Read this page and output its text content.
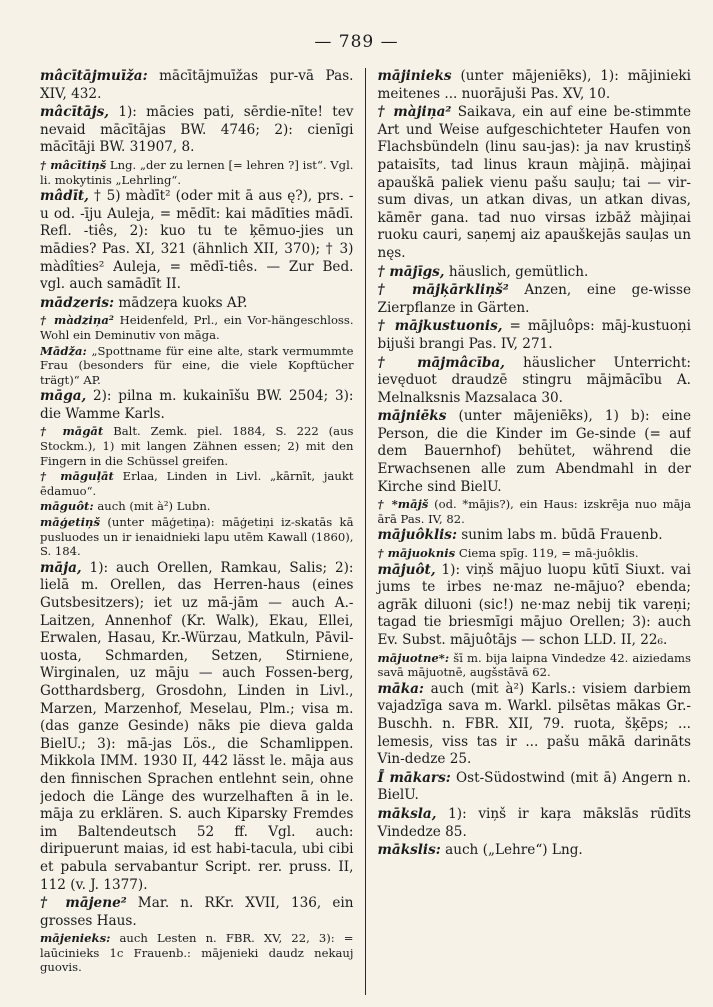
— 789 —

mâcītājmuīža: mācītājmuīžas pur-vā Pas. XIV, 432.

mâcītājs, 1): mācies pati, sērdie-nīte! tev nevaid mācītājas BW. 4746; 2): cienīgi mācītāji BW. 31907, 8.

† mâcītiņš Lng. „der zu lernen [= lehren ?] ist“. Vgl. li. mokytinis „Lehrling“.

mâdīt, † 5) màdīt² (oder mit ā aus ę?), prs. -u od. -īju Auleja, = mēdīt: kai mādīties mādī. Refl. -tiês, 2): kuo tu te ķēmuo-jies un mādies? Pas. XI, 321 (ähnlich XII, 370); † 3) màdîties² Auleja, = mēdī-tiês. — Zur Bed. vgl. auch samādīt II.

mādzeris: mādzeŗa kuoks AP.

† màdziņa² Heidenfeld, Prl., ein Vor-hängeschloss. Wohl ein Deminutiv von māga.

Mādža: „Spottname für eine alte, stark vermummte Frau (besonders für eine, die viele Kopftücher trägt)“ AP.

māga, 2): pilna m. kukainīšu BW. 2504; 3): die Wamme Karls.

† māgāt Balt. Zemk. piel. 1884, S. 222 (aus Stockm.), 1) mit langen Zähnen essen; 2) mit den Fingern in die Schüssel greifen.

† māguļāt Erlaa, Linden in Livl. „kārnīt, jaukt ēdamuo“.

māguôt: auch (mit à²) Lubn.

māģetiņš (unter māģetiņa): māģetiņi iz-skatās kā pusluodes un ir ienaidnieki lapu utēm Kawall (1860), S. 184.

māja, 1): auch Orellen, Ramkau, Salis; 2): lielā m. Orellen, das Herren-haus (eines Gutsbesitzers); iet uz mā-jām — auch A.-Laitzen, Annenhof (Kr. Walk), Ekau, Ellei, Erwalen, Hasau, Kr.-Würzau, Matkuln, Pāvil-uosta, Schmarden, Setzen, Stirniene, Wirginalen, uz māju — auch Fossen-berg, Gotthardsberg, Grosdohn, Linden in Livl., Marzen, Marzenhof, Meselau, Plm.; visa m. (das ganze Gesinde) nāks pie dieva galda BielU.; 3): mā-jas Lös., die Schamlippen. Mikkola IMM. 1930 II, 442 lässt le. māja aus den finnischen Sprachen entlehnt sein, ohne jedoch die Länge des wurzelhaften ā in le. māja zu erklären. S. auch Kiparsky Fremdes im Baltendeutsch 52 ff. Vgl. auch: diripuerunt maias, id est habi-tacula, ubi cibi et pabula servabantur Script. rer. pruss. II, 112 (v. J. 1377).

† mājene² Mar. n. RKr. XVII, 136, ein grosses Haus.

mājenieks: auch Lesten n. FBR. XV, 22, 3): = laūcinieks 1c Frauenb.: mājenieki daudz nekauj guovis.

mājinieks (unter mājeniēks), 1): mājinieki meitenes ... nuorājuši Pas. XV, 10.

† màjiņa² Saikava, ein auf eine be-stimmte Art und Weise aufgeschichteter Haufen von Flachsbündeln (linu sau-jas): ja nav krustiņš pataisīts, tad linus kraun màjiņā. màjiņai apauškā paliek vienu pašu sauļu; tai — vir-sum divas, un atkan divas, un atkan divas, kāmēr gana. tad nuo virsas izbāž màjiņai ruoku cauri, saņemj aiz apauškejās sauļas un nęs.

† mājīgs, häuslich, gemütlich.

† mājķārkliņš² Anzen, eine ge-wisse Zierpflanze in Gärten.

† mājkustuonis, = mājluôps: māj-kustuoņi bijuši brangi Pas. IV, 271.

† mājmâcība, häuslicher Unterricht: ievęduot draudzē stingru mājmācību A. Melnalksnis Mazsalaca 30.

mājniēks (unter mājeniēks), 1) b): eine Person, die die Kinder im Ge-sinde (= auf dem Bauernhof) behütet, während die Erwachsenen alle zum Abendmahl in der Kirche sind BielU.

† *mājš (od. *mājis?), ein Haus: izskrēja nuo māja ārā Pas. IV, 82.

mājuôklis: sunim labs m. būdā Frauenb.

† mājuoknis Ciema spīg. 119, = mā-juôklis.

mājuôt, 1): viņš mājuo luopu kūtī Siuxt. vai jums te irbes ne·maz ne-mājuo? ebenda; agrāk diluoni (sic!) ne·maz nebij tik vareņi; tagad tie briesmīgi mājuo Orellen; 3): auch Ev. Subst. mājuôtājs — schon LLD. II, 22₆.

mājuotne*: šī m. bija laipna Vindedze 42. aiziedams savā mājuotnē, augšstāvā 62.

māka: auch (mit à²) Karls.: visiem darbiem vajadzīga sava m. Warkl. pilsētas mākas Gr.-Buschh. n. FBR. XII, 79. ruota, šķēps; ... lemesis, viss tas ir ... pašu mākā darināts Vin-dedze 25.

Ī mākars: Ost-Südostwind (mit ā) Angern n. BielU.

māksla, 1): viņš ir kaŗa mākslās rūdīts Vindedze 85.

mākslis: auch („Lehre“) Lng.
